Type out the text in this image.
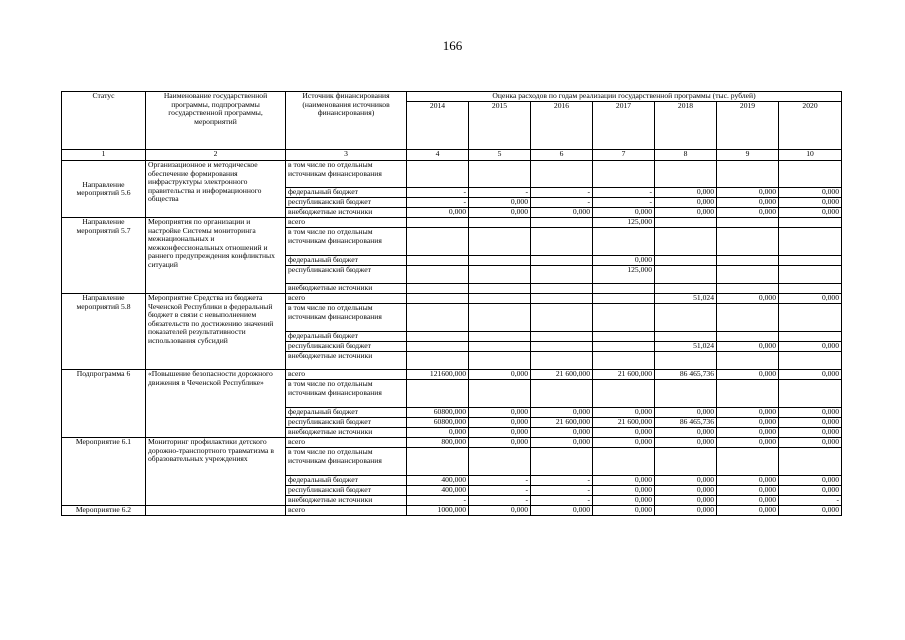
166
Статус	Наименование государственной программы, подпрограммы государственной программы, мероприятий	Источник финансирования (наименования источников финансирования)	Оценка расходов по годам реализации государственной программы (тыс. рублей)						
			2014	2015	2016	2017	2018	2019	2020
1	2	3	4	5	6	7	8	9	10
Направление мероприятий 5.6	Организационное и методическое обеспечение формирования инфраструктуры электронного правительства и информационного общества	в том числе по отдельным источникам финансирования							
		федеральный бюджет	-	-	-	-	0,000	0,000	0,000
		республиканский бюджет	-	0,000	-	-	0,000	0,000	0,000
		внебюджетные источники	0,000	0,000	0,000	0,000	0,000	0,000	0,000
Направление мероприятий 5.7	Мероприятия по организации и настройке Системы мониторинга межнациональных и межконфессиональных отношений и раннего предупреждения конфликтных ситуаций	всего				125,000			
		в том числе по отдельным источникам финансирования							
		федеральный бюджет				0,000			
		республиканский бюджет				125,000			
		внебюджетные источники							
Направление мероприятий 5.8	Мероприятие Средства из бюджета Чеченской Республики в федеральный бюджет в связи с невыполнением обязательств по достижению значений показателей результативности использования субсидий	всего					51,024	0,000	0,000
		в том числе по отдельным источникам финансирования							
		федеральный бюджет							
		республиканский бюджет					51,024	0,000	0,000
		внебюджетные источники							
Подпрограмма 6	«Повышение безопасности дорожного движения в Чеченской Республике»	всего	121600,000	0,000	21 600,000	21 600,000	86 465,736	0,000	0,000
		в том числе по отдельным источникам финансирования							
		федеральный бюджет	60800,000	0,000	0,000	0,000	0,000	0,000	0,000
		республиканский бюджет	60800,000	0,000	21 600,000	21 600,000	86 465,736	0,000	0,000
		внебюджетные источники	0,000	0,000	0,000	0,000	0,000	0,000	0,000
Мероприятие 6.1	Мониторинг профилактики детского дорожно-транспортного травматизма в образовательных учреждениях	всего	800,000	0,000	0,000	0,000	0,000	0,000	0,000
		в том числе по отдельным источникам финансирования							
		федеральный бюджет	400,000	-	-	0,000	0,000	0,000	0,000
		республиканский бюджет	400,000	-	-	0,000	0,000	0,000	0,000
		внебюджетные источники	-	-	-	0,000	0,000	0,000	-
Мероприятие 6.2		всего	1000,000	0,000	0,000	0,000	0,000	0,000	0,000
